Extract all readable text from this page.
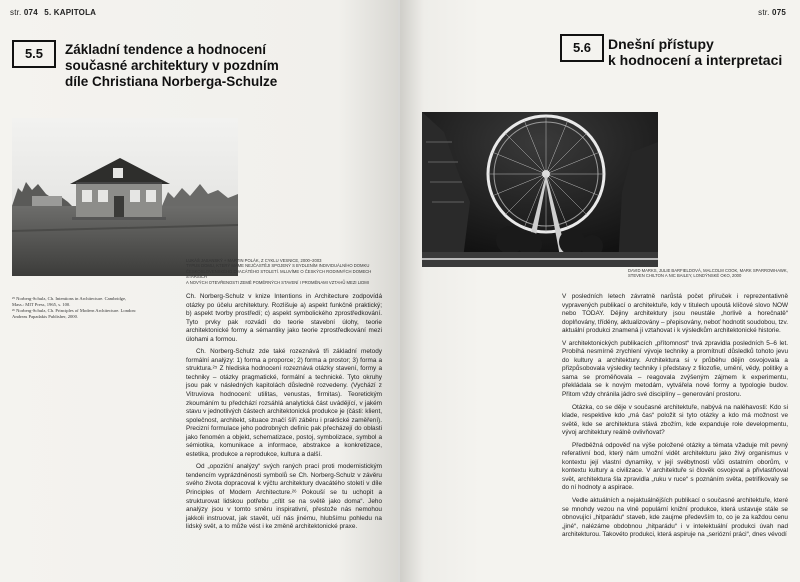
str. 074 5. KAPITOLA
5.5	Základní tendence a hodnocení
současné architektury v pozdním
díle Christiana Norberga-Schulze
LUKÁŠ JASANSKÝ + MARTIN POLÁK, Z CYKLU VESNICE, 2000–2003
TYPUS DOMU, KTERÝ MÁME NEJČASTĚJI SPOJENÝ S BYDLENÍM INDIVIDUÁLNÍHO DOMKU
ČESKOSLOVENSKÉHO DVACÁTÉHO STOLETÍ. MLUVÍME O ČESKÝCH RODINNÝCH DOMECH STARŠÍCH
A NOVÝCH OTEVŘENOSTI ZEMĚ POMĚRNÝCH STAVENÍ I PROMĚNAMI VZTAHŮ MEZI LIDMI
²⁵ Norberg-Schulz, Ch. Intentions in Architecture. Cambridge,
Mass.: MIT Press, 1965, s. 100.
²⁶ Norberg-Schulz, Ch. Principles of Modern Architecture. London:
Andreas Papadakis Publisher, 2000.

Ch. Norberg-Schulz v knize Intentions in Architecture zodpovídá otázky po účelu architektury. Rozlišuje a) aspekt funkčně praktický; b) aspekt tvorby prostředí; c) aspekt symbolického zprostředkování. Tyto prvky pak rozvádí do teorie stavební úlohy, teorie architektonické formy a sémantiky jako teorie zprostředkování mezi úlohami a formou.

Ch. Norberg-Schulz zde také rozeznává tři základní metody formální analýzy: 1) forma a proporce; 2) forma a prostor; 3) forma a struktura.²⁵ Z hlediska hodnocení rozeznává otázky stavení, formy a techniky – otázky pragmatické, formální a technické. Tyto okruhy jsou pak v následných kapitolách důsledně rozvedeny. (Vychází z Vitruviova hodnocení: utilitas, venustas, firmitas). Teoretickým zkoumáním tu předchází rozsáhlá analytická část uvádějící, v jakém stavu v jednotlivých částech architektonická produkce je (části: klient, společnost, architekt, situace značí šíři záběru i praktické zaměření). Precizní formulace jeho podrobných definic pak přecházejí do oblasti jako fenomén a objekt, schematizace, postoj, symbolizace, symbol a sémiotika, komunikace a informace, abstrakce a konkretizace, estetika, produkce a reprodukce, kultura a další.

Od „opoziční analýzy“ svých raných prací proti modernistickým tendencím vyprázdněnosti symbolů se Ch. Norberg-Schulz v závěru svého života dopracoval k výčtu architektury dvacátého století v díle Principles of Modern Architecture.²⁶ Pokouší se tu uchopit a strukturovat lidskou potřebu „cítit se na světě jako doma“. Jeho analýzy jsou v tomto směru inspirativní, přestože nás nemohou jakkoli instruovat, jak stavět, učí nás jinému, hlubšímu pohledu na lidský svět, a to může vést i ke změně architektonické praxe.

str. 075
5.6	Dnešní přístupy
k hodnocení a interpretaci
DAVID MARKS, JULIE BARFIELDOVÁ, MALCOLM COOK, MARK SPARROWHAWK,
STEVEN CHILTON A NIC BAILEY, LONDÝNSKÉ OKO, 2000

V posledních letech závratně narůstá počet příruček i reprezentativně vypravených publikací o architektuře, kdy v titulech upoutá klíčové slovo NOW nebo TODAY. Dějiny architektury jsou neustále „horlivě a horečnatě“ doplňovány, tříděny, aktualizovány – přepisovány, neboť hodnotit soudobou, tzv. aktuální produkci znamená ji vztahovat i k výsledkům architektonické historie.

V architektonických publikacích „přítomnost“ trvá zpravidla posledních 5–6 let. Probíhá nesmírně zrychlení vývoje techniky a promítnutí důsledků tohoto jevu do kultury a architektury. Architektura si v průběhu dějin osvojovala a přizpůsobovala výsledky techniky i představy z filozofie, umění, vědy, politiky a sama se proměňovala – reagovala zvýšeným zájmem k experimentu, překládala se k novým metodám, vytvářela nové formy a typologie budov. Přitom vždy chránila jádro své disciplíny – generování prostoru.

Otázka, co se děje v současné architektuře, nabývá na naléhavosti: Kdo si klade, respektive kdo „má čas“ položit si tyto otázky a kdo má možnost ve světě, kde se architektura stává zbožím, kde expanduje role developmentu, vývoj architektury reálně ovlivňovat?

Předběžná odpověď na výše položené otázky a témata vžaduje mít pevný referativní bod, který nám umožní vidět architekturu jako živý organismus v kontextu její vlastní dynamiky, v její svébytnosti vůči ostatním oborům, v kontextu kultury a civilizace. V architektuře si člověk osvojoval a přivlastňoval svět, architektura šla zpravidla „ruku v ruce“ s poznáním světa, petrifikovaly se do ní hodnoty a aspirace.

Vedle aktuálních a nejaktuálnějších publikací o současné architektuře, které se mnohdy vezou na vlně populární knižní produkce, která ustavuje stále se obnovující „hitparádu“ staveb, kde zaujme především to, co je za každou cenu „jiné“, nalézáme obdobnou „hitparádu“ i v intelektuální produkci úvah nad architekturou. Takovéto produkci, která aspiruje na „seriózní práci“, dnes vévodí
